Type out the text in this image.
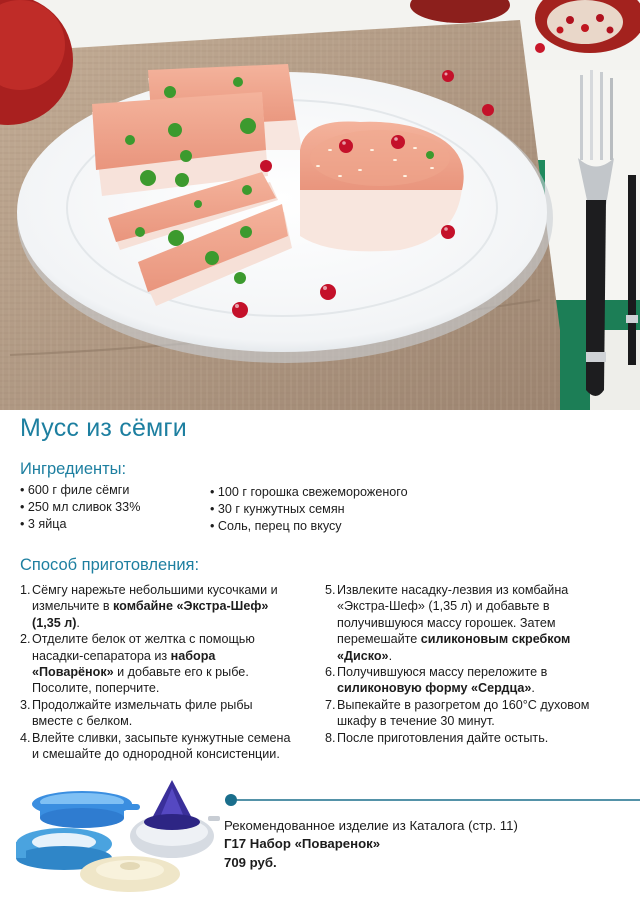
Мусс из сёмги
Ингредиенты:
• 600 г филе сёмги
• 250 мл сливок 33%
• 3 яйца
• 100 г горошка свежемороженого
• 30 г кунжутных семян
• Соль, перец по вкусу
Способ приготовления:
1. Сёмгу нарежьте небольшими кусочками и измельчите в комбайне «Экстра-Шеф» (1,35 л).
2. Отделите белок от желтка с помощью насадки-сепаратора из набора «Поварёнок» и добавьте его к рыбе. Посолите, поперчите.
3. Продолжайте измельчать филе рыбы вместе с белком.
4. Влейте сливки, засыпьте кунжутные семена и смешайте до однородной консистенции.
5. Извлеките насадку-лезвия из комбайна «Экстра-Шеф» (1,35 л) и добавьте в получившуюся массу горошек. Затем перемешайте силиконовым скребком «Диско».
6. Получившуюся массу переложите в силиконовую форму «Сердца».
7. Выпекайте в разогретом до 160°С духовом шкафу в течение 30 минут.
8. После приготовления дайте остыть.
Рекомендованное изделие из Каталога (стр. 11)
Г17 Набор «Поваренок»
709 руб.
